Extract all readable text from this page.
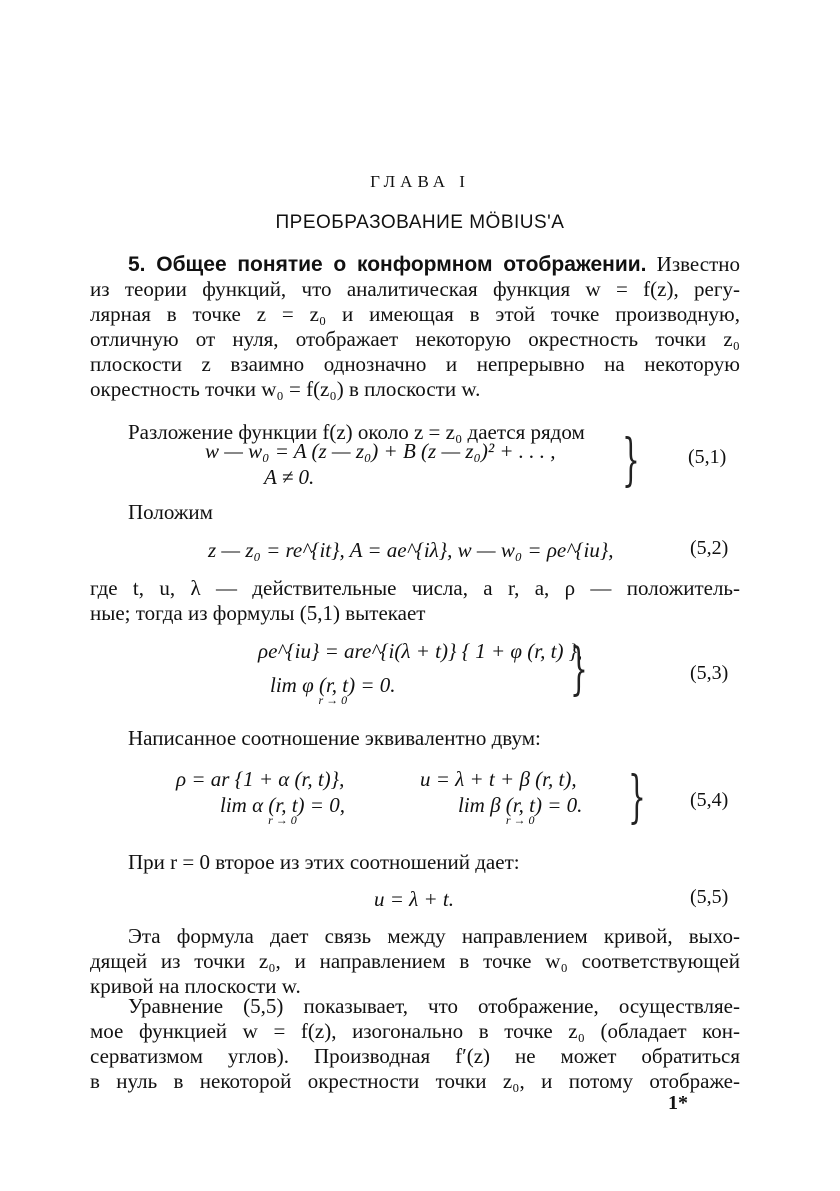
ГЛАВА I
ПРЕОБРАЗОВАНИЕ MÖBIUS'A
5. Общее понятие о конформном отображении. Известно
из теории функций, что аналитическая функция w = f(z), регу-
лярная в точке z = z₀ и имеющая в этой точке производную,
отличную от нуля, отображает некоторую окрестность точки z₀
плоскости z взаимно однозначно и непрерывно на некоторую
окрестность точки w₀ = f(z₀) в плоскости w.
Разложение функции f(z) около z = z₀ дается рядом
w — w₀ = A (z — z₀) + B (z — z₀)² + . . . ,
A ≠ 0.	} (5,1)
Положим
z — z₀ = re^{it}, A = ae^{iλ}, w — w₀ = ρe^{iu},	(5,2)
где t, u, λ — действительные числа, а r, a, ρ — положитель-
ные; тогда из формулы (5,1) вытекает
ρe^{iu} = are^{i(λ + t)} { 1 + φ (r, t) },
lim φ (r, t) = 0.
r → 0	}	(5,3)
Написанное соотношение эквивалентно двум:
ρ = ar {1 + α (r, t)},	u = λ + t + β (r, t),
lim α (r, t) = 0,
r → 0
lim β (r, t) = 0.
r → 0	} (5,4)
При r = 0 второе из этих соотношений дает:
u = λ + t.	(5,5)
Эта формула дает связь между направлением кривой, выхо-
дящей из точки z₀, и направлением в точке w₀ соответствующей
кривой на плоскости w.
Уравнение (5,5) показывает, что отображение, осуществляе-
мое функцией w = f(z), изогонально в точке z₀ (обладает кон-
серватизмом углов). Производная f′(z) не может обратиться
в нуль в некоторой окрестности точки z₀, и потому отображе-
1*
